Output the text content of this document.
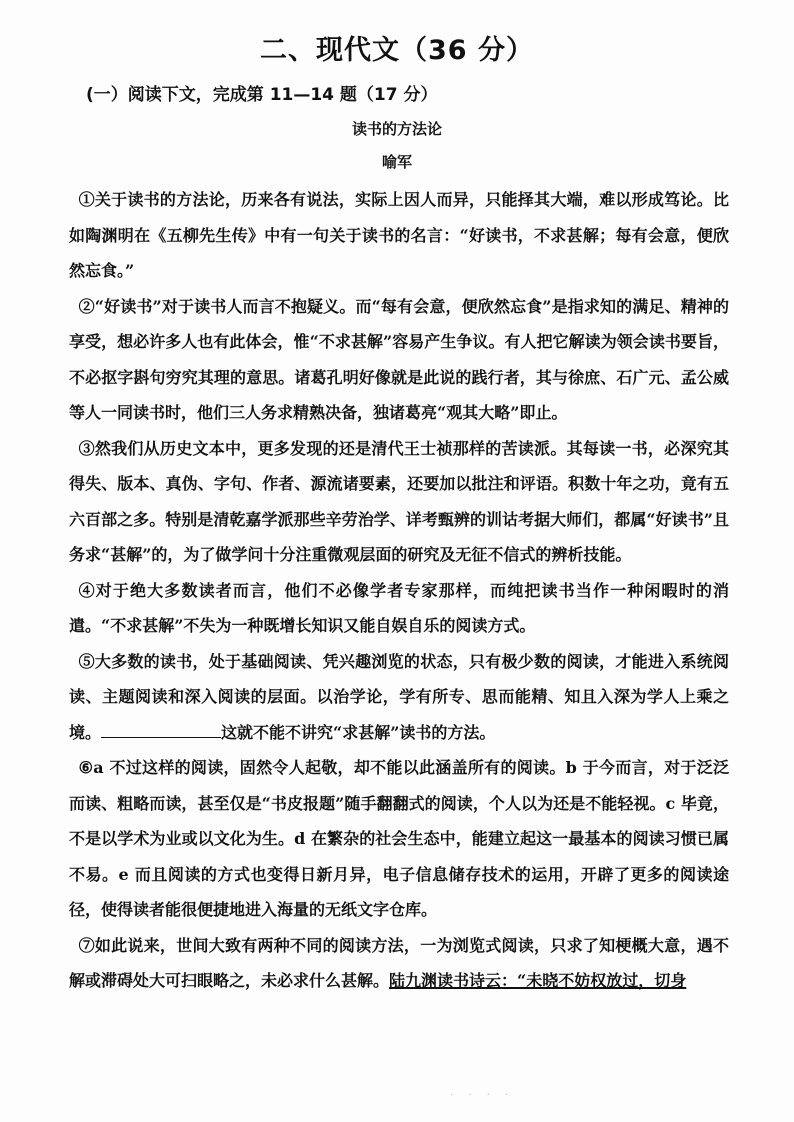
二、现代文（36 分）
(一）阅读下文，完成第 11—14 题（17 分）
读书的方法论
喻军

①关于读书的方法论，历来各有说法，实际上因人而异，只能择其大端，难以形成笃论。比如陶渊明在《五柳先生传》中有一句关于读书的名言：“好读书，不求甚解；每有会意，便欣然忘食。”

②“好读书”对于读书人而言不抱疑义。而“每有会意，便欣然忘食”是指求知的满足、精神的享受，想必许多人也有此体会，惟“不求甚解”容易产生争议。有人把它解读为领会读书要旨，不必抠字斟句穷究其理的意思。诸葛孔明好像就是此说的践行者，其与徐庶、石广元、孟公威等人一同读书时，他们三人务求精熟决备，独诸葛亮“观其大略”即止。

③然我们从历史文本中，更多发现的还是清代王士祯那样的苦读派。其每读一书，必深究其得失、版本、真伪、字句、作者、源流诸要素，还要加以批注和评语。积数十年之功，竟有五六百部之多。特别是清乾嘉学派那些辛劳治学、详考甄辨的训诂考据大师们，都属“好读书”且务求“甚解”的，为了做学问十分注重微观层面的研究及无征不信式的辨析技能。

④对于绝大多数读者而言，他们不必像学者专家那样，而纯把读书当作一种闲暇时的消遣。“不求甚解”不失为一种既增长知识又能自娱自乐的阅读方式。

⑤大多数的读书，处于基础阅读、凭兴趣浏览的状态，只有极少数的阅读，才能进入系统阅读、主题阅读和深入阅读的层面。以治学论，学有所专、思而能精、知且入深为学人上乘之境。	这就不能不讲究“求甚解”读书的方法。

⑥a 不过这样的阅读，固然令人起敬，却不能以此涵盖所有的阅读。b 于今而言，对于泛泛而读、粗略而读，甚至仅是“书皮报题”随手翻翻式的阅读，个人以为还是不能轻视。c 毕竟，不是以学术为业或以文化为生。d 在繁杂的社会生态中，能建立起这一最基本的阅读习惯已属不易。e 而且阅读的方式也变得日新月异，电子信息储存技术的运用，开辟了更多的阅读途径，使得读者能很便捷地进入海量的无纸文字仓库。

⑦如此说来，世间大致有两种不同的阅读方法，一为浏览式阅读，只求了知梗概大意，遇不解或滞碍处大可扫眼略之，未必求什么甚解。陆九渊读书诗云：“未晓不妨权放过，切身

· · · ·
